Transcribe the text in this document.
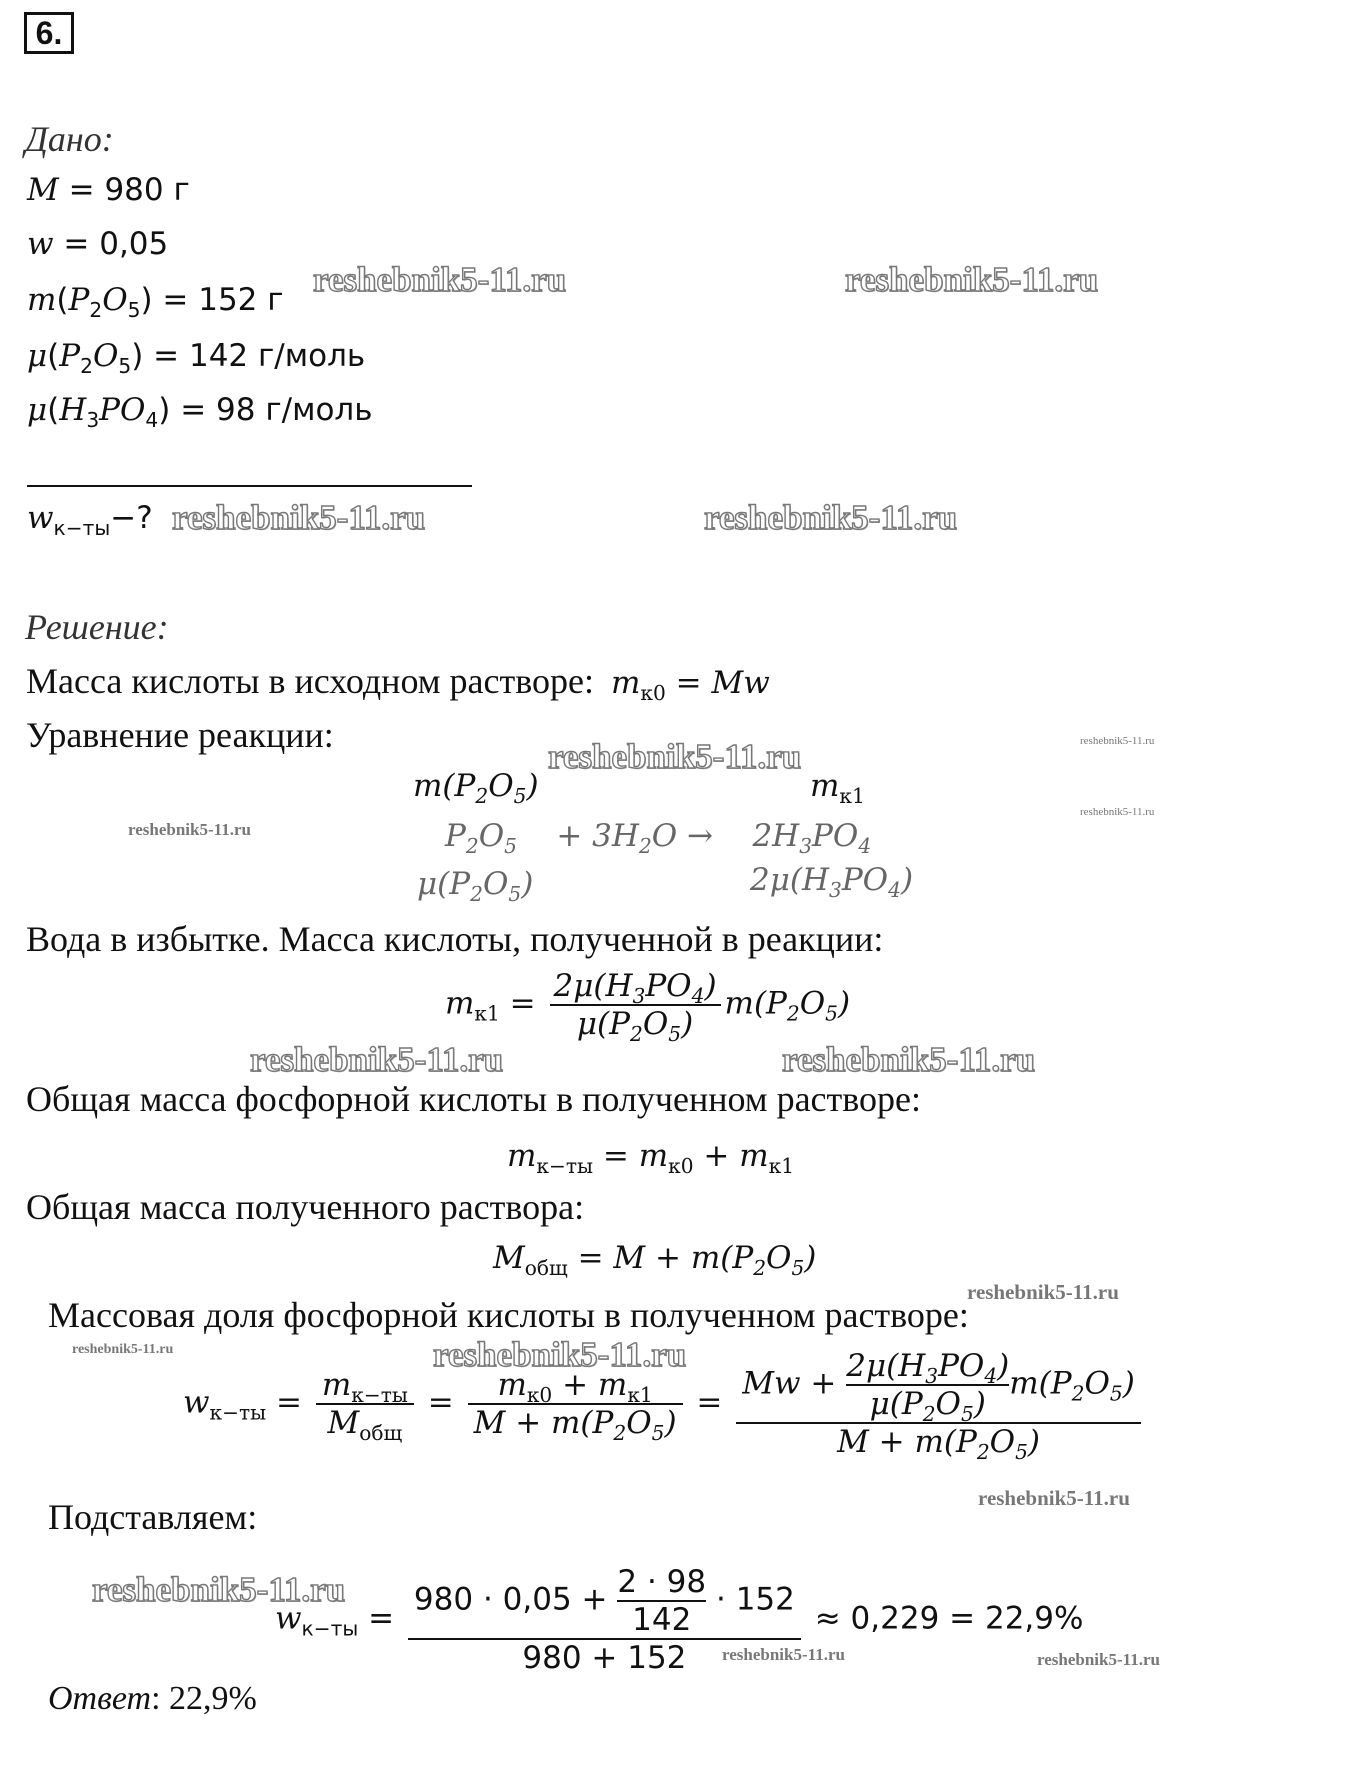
6.
Дано:
M = 980 г
w = 0,05
$m(P_2O_5) = 152$ г
$\mu(P_2O_5) = 142$ г/моль
$\mu(H_3PO_4) = 98$ г/моль
$w_{к-ты}-$?
Решение:
Масса кислоты в исходном растворе: $m_{к0} = Mw$
Уравнение реакции:
$m(P_2O_5)$	$m_{к1}$
$P_2O_5$    + $3H_2O$ →    $2H_3PO_4$
$\mu(P_2O_5)$	$2\mu(H_3PO_4)$
Вода в избытке. Масса кислоты, полученной в реакции:
$m_{к1} = \frac{2\mu(H_3PO_4)}{\mu(P_2O_5)} m(P_2O_5)$
Общая масса фосфорной кислоты в полученном растворе:
$m_{к-ты} = m_{к0} + m_{к1}$
Общая масса полученного раствора:
$M_{общ} = M + m(P_2O_5)$
Массовая доля фосфорной кислоты в полученном растворе:
$w_{к-ты} = \frac{m_{к-ты}}{M_{общ}} = \frac{m_{к0} + m_{к1}}{M + m(P_2O_5)} = \frac{Mw + \frac{2\mu(H_3PO_4)}{\mu(P_2O_5)} m(P_2O_5)}{M + m(P_2O_5)}$
Подставляем:
$w_{к-ты} = \frac{980 \cdot 0,05 + \frac{2 \cdot 98}{142} \cdot 152}{980 + 152} \approx 0,229 = 22,9\%$
Ответ: 22,9%
reshebnik5-11.ru	reshebnik5-11.ru
reshebnik5-11.ru	reshebnik5-11.ru
reshebnik5-11.ru	reshebnik5-11.ru
reshebnik5-11.ru
reshebnik5-11.ru
reshebnik5-11.ru	reshebnik5-11.ru
reshebnik5-11.ru
reshebnik5-11.ru	reshebnik5-11.ru
reshebnik5-11.ru
reshebnik5-11.ru
reshebnik5-11.ru	reshebnik5-11.ru
